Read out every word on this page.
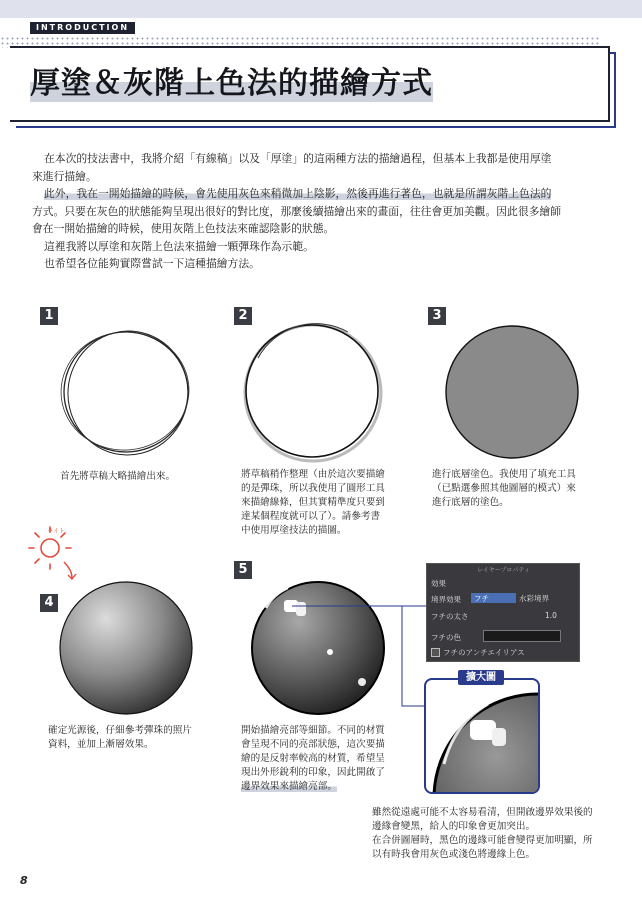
INTRODUCTION
厚塗＆灰階上色法的描繪方式

在本次的技法書中，我將介紹「有線稿」以及「厚塗」的這兩種方法的描繪過程，但基本上我都是使用厚塗

來進行描繪。

此外，我在一開始描繪的時候，會先使用灰色來稍微加上陰影，然後再進行著色，也就是所謂灰階上色法的

方式。只要在灰色的狀態能夠呈現出很好的對比度，那麼後續描繪出來的畫面，往往會更加美觀。因此很多繪師

會在一開始描繪的時候，使用灰階上色技法來確認陰影的狀態。

這裡我將以厚塗和灰階上色法來描繪一顆彈珠作為示範。

也希望各位能夠實際嘗試一下這種描繪方法。

1
首先將草稿大略描繪出來。
2
將草稿稍作整理（由於這次要描繪
的是彈珠，所以我使用了圓形工具
來描繪線條，但其實精準度只要到
達某個程度就可以了）。請參考書
中使用厚塗技法的描圖。
3
進行底層塗色。我使用了填充工具
（已點選參照其他圖層的模式）來
進行底層的塗色。
ライト
4
確定光源後，仔細參考彈珠的照片
資料，並加上漸層效果。
5
開始描繪亮部等細節。不同的材質
會呈現不同的亮部狀態，這次要描
繪的是反射率較高的材質，希望呈
現出外形銳利的印象，因此開啟了
邊界效果來描繪亮部。
レイヤープロパティ
効果
境界効果	フチ	水彩境界
フチの太さ	1.0
フチの色
フチのアンチエイリアス
擴大圖
雖然從遠處可能不太容易看清，但開啟邊界效果後的
邊緣會變黑，給人的印象會更加突出。
在合併圖層時，黑色的邊緣可能會變得更加明顯，所
以有時我會用灰色或淺色將邊緣上色。
8
